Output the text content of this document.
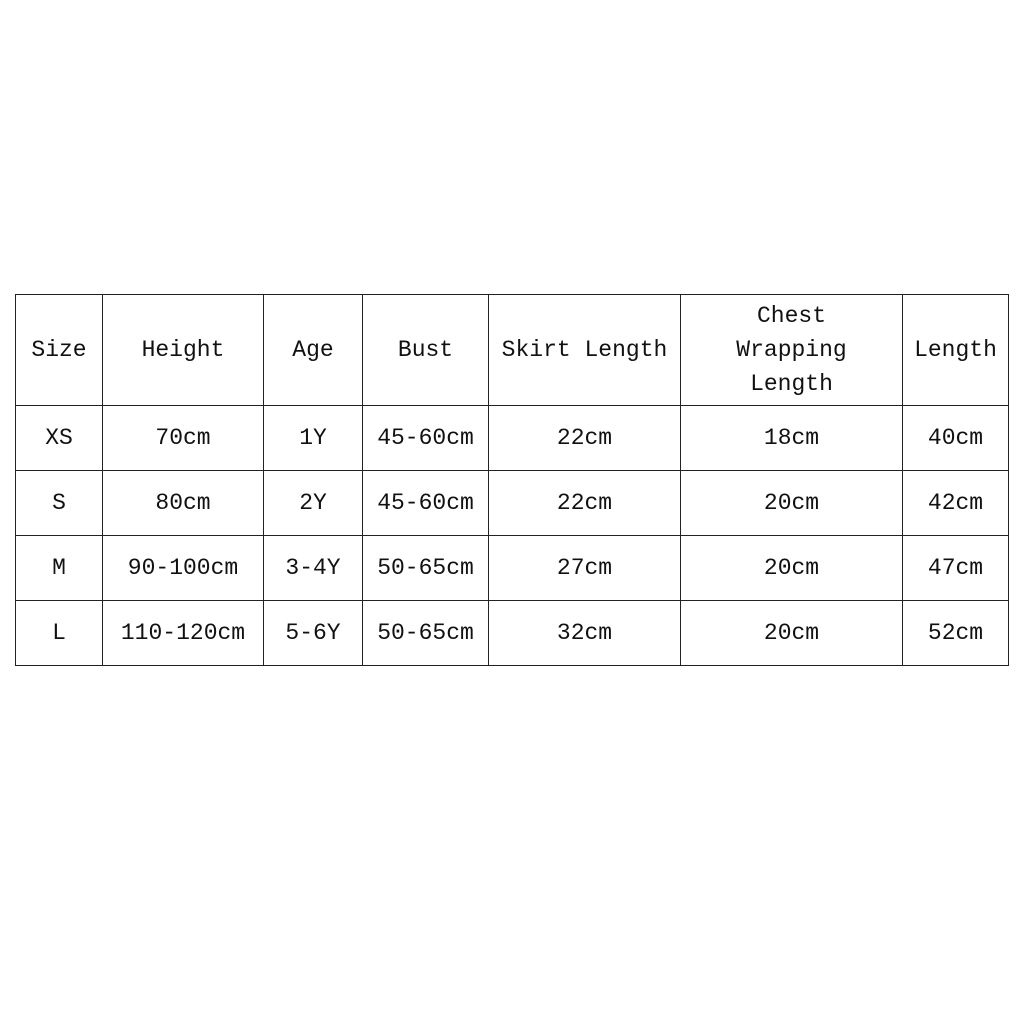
Size	Height	Age	Bust	Skirt Length	Chest Wrapping Length	Length
XS	70cm	1Y	45-60cm	22cm	18cm	40cm
S	80cm	2Y	45-60cm	22cm	20cm	42cm
M	90-100cm	3-4Y	50-65cm	27cm	20cm	47cm
L	110-120cm	5-6Y	50-65cm	32cm	20cm	52cm
